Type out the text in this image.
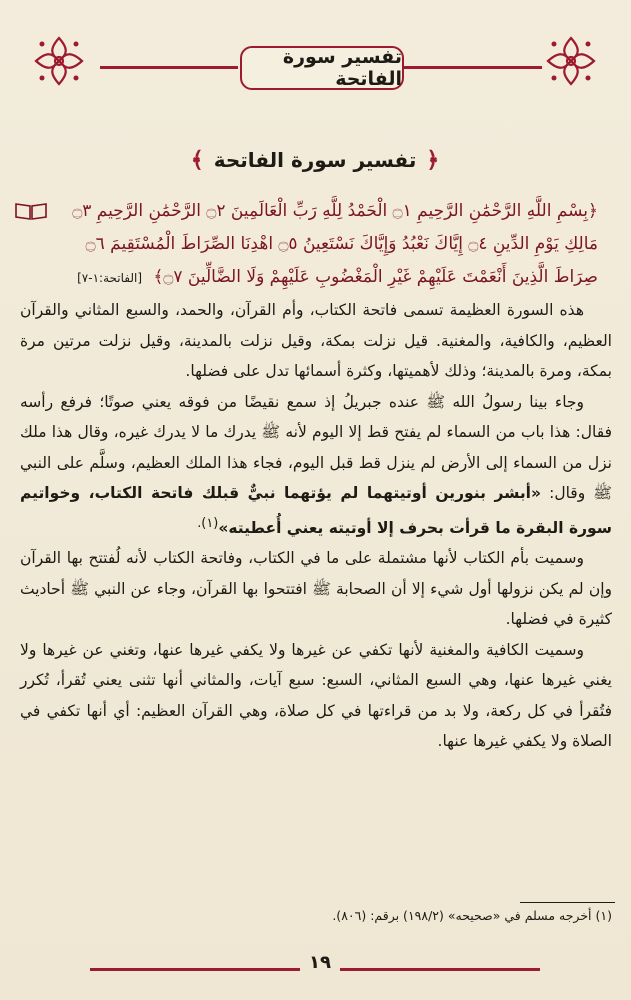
تفسير سورة الفاتحة
﴿
تفسير سورة الفاتحة
﴾
﴿بِسْمِ اللَّهِ الرَّحْمَٰنِ الرَّحِيمِ ۝١ الْحَمْدُ لِلَّهِ رَبِّ الْعَالَمِينَ ۝٢ الرَّحْمَٰنِ الرَّحِيمِ ۝٣
مَالِكِ يَوْمِ الدِّينِ ۝٤ إِيَّاكَ نَعْبُدُ وَإِيَّاكَ نَسْتَعِينُ ۝٥ اهْدِنَا الصِّرَاطَ الْمُسْتَقِيمَ ۝٦
صِرَاطَ الَّذِينَ أَنْعَمْتَ عَلَيْهِمْ غَيْرِ الْمَغْضُوبِ عَلَيْهِمْ وَلَا الضَّالِّينَ ۝٧﴾ [الفاتحة:١-٧]

هذه السورة العظيمة تسمى فاتحة الكتاب، وأم القرآن، والحمد، والسبع المثاني والقرآن العظيم، والكافية، والمغنية. قيل نزلت بمكة، وقيل نزلت بالمدينة، وقيل نزلت مرتين مرة بمكة، ومرة بالمدينة؛ وذلك لأهميتها، وكثرة أسمائها تدل على فضلها.

وجاء بينا رسولُ الله ﷺ عنده جبريلُ إذ سمع نقيضًا من فوقه يعني صوتًا؛ فرفع رأسه فقال: هذا باب من السماء لم يفتح قط إلا اليوم لأنه ﷺ يدرك ما لا يدرك غيره، وقال هذا ملك نزل من السماء إلى الأرض لم ينزل قط قبل اليوم، فجاء هذا الملك العظيم، وسلَّم على النبي ﷺ وقال: «أبشر بنورين أوتيتهما لم يؤتهما نبيٌّ قبلك فاتحة الكتاب، وخواتيم سورة البقرة ما قرأت بحرف إلا أوتيته يعني أُعطيته»$^{(١).}$

وسميت بأم الكتاب لأنها مشتملة على ما في الكتاب، وفاتحة الكتاب لأنه لُفتتح بها القرآن وإن لم يكن نزولها أول شيء إلا أن الصحابة ﷺ افتتحوا بها القرآن، وجاء عن النبي ﷺ أحاديث كثيرة في فضلها.

وسميت الكافية والمغنية لأنها تكفي عن غيرها ولا يكفي غيرها عنها، وتغني عن غيرها ولا يغني غيرها عنها، وهي السبع المثاني، السبع: سبع آيات، والمثاني أنها تثنى يعني تُقرأ، تُكرر فتُقرأ في كل ركعة، ولا بد من قراءتها في كل صلاة، وهي القرآن العظيم: أي أنها تكفي في الصلاة ولا يكفي غيرها عنها.

(١) أخرجه مسلم في «صحيحه» (١٩٨/٢) برقم: (٨٠٦).
١٩
